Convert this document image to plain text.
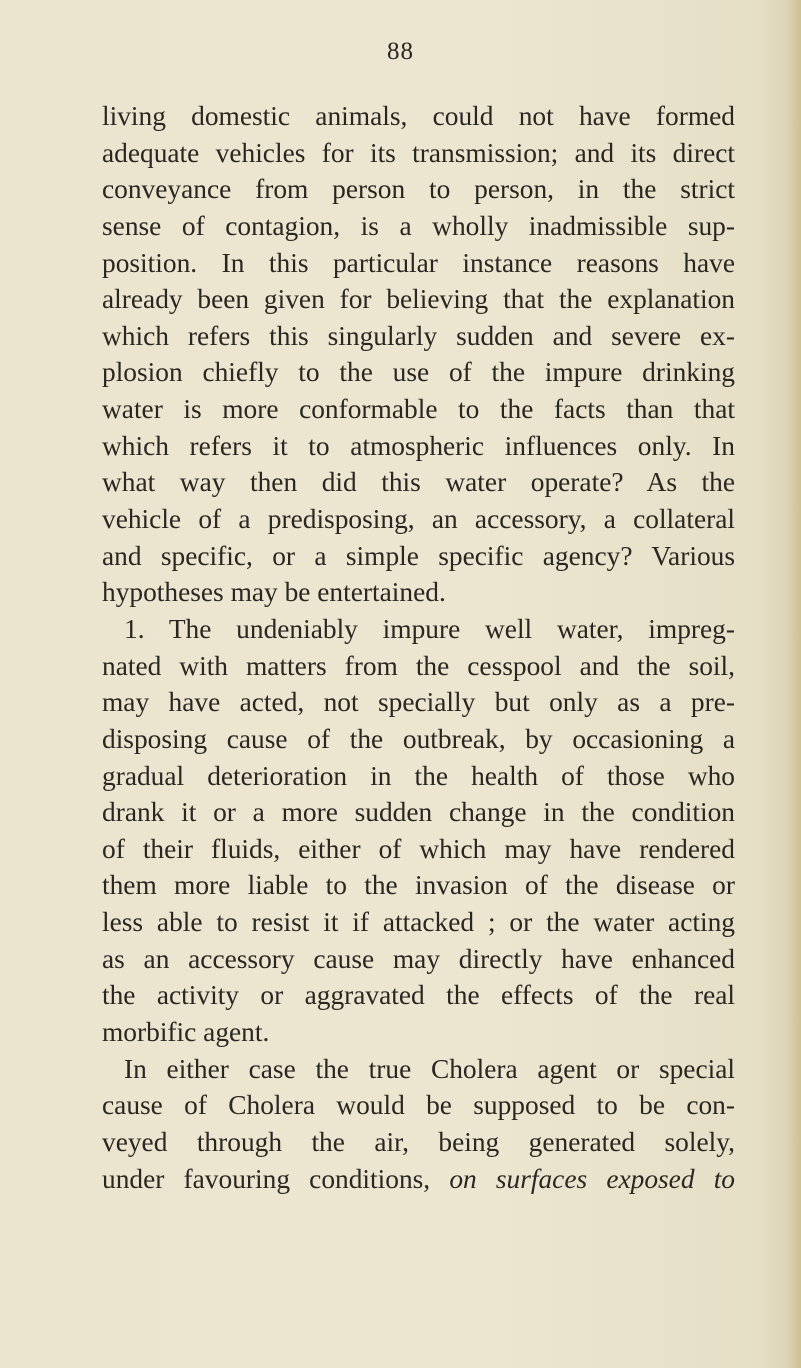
88
living domestic animals, could not have formed
adequate vehicles for its transmission; and its direct
conveyance from person to person, in the strict
sense of contagion, is a wholly inadmissible sup-
position. In this particular instance reasons have
already been given for believing that the explanation
which refers this singularly sudden and severe ex-
plosion chiefly to the use of the impure drinking
water is more conformable to the facts than that
which refers it to atmospheric influences only. In
what way then did this water operate? As the
vehicle of a predisposing, an accessory, a collateral
and specific, or a simple specific agency? Various
hypotheses may be entertained.
1. The undeniably impure well water, impreg-
nated with matters from the cesspool and the soil,
may have acted, not specially but only as a pre-
disposing cause of the outbreak, by occasioning a
gradual deterioration in the health of those who
drank it or a more sudden change in the condition
of their fluids, either of which may have rendered
them more liable to the invasion of the disease or
less able to resist it if attacked ; or the water acting
as an accessory cause may directly have enhanced
the activity or aggravated the effects of the real
morbific agent.
In either case the true Cholera agent or special
cause of Cholera would be supposed to be con-
veyed through the air, being generated solely,
under favouring conditions, on surfaces exposed to
